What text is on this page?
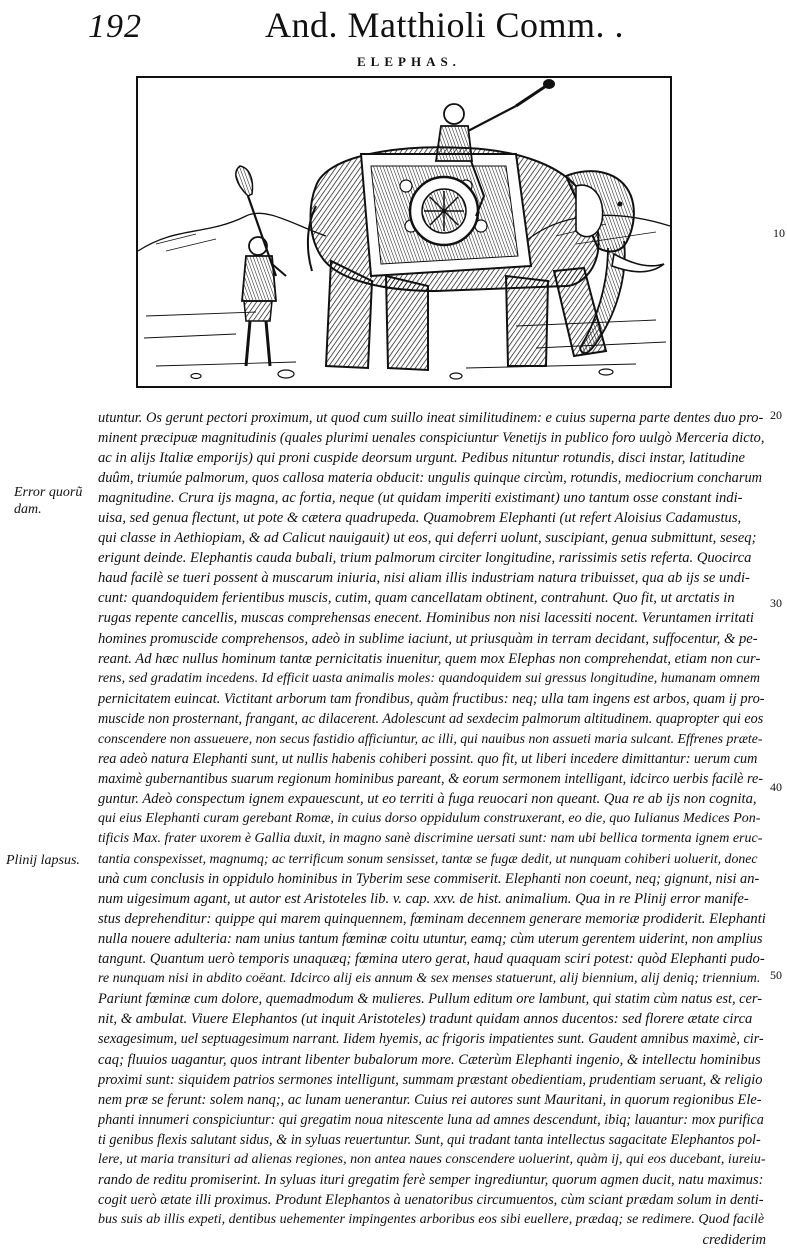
192	And. Matthioli Comm. .
ELEPHAS.
Error quorũ dam.
Plinij lapsus.
10
20
30
40
50
utuntur. Os gerunt pectori proximum, ut quod cum suillo ineat similitudinem: e cuius superna parte dentes duo pro-
minent præcipuæ magnitudinis (quales plurimi uenales conspiciuntur Venetijs in publico foro uulgò Merceria dicto,
ac in alijs Italiæ emporijs) qui proni cuspide deorsum urgunt. Pedibus nituntur rotundis, disci instar, latitudine
duûm, triumúe palmorum, quos callosa materia obducit: ungulis quinque circùm, rotundis, mediocrium concharum
magnitudine. Crura ijs magna, ac fortia, neque (ut quidam imperiti existimant) uno tantum osse constant indi-
uisa, sed genua flectunt, ut pote & cætera quadrupeda. Quamobrem Elephanti (ut refert Aloisius Cadamustus,
qui classe in Aethiopiam, & ad Calicut nauigauit) ut eos, qui deferri uolunt, suscipiant, genua submittunt, seseq;
erigunt deinde. Elephantis cauda bubali, trium palmorum circiter longitudine, rarissimis setis referta. Quocirca
haud facilè se tueri possent à muscarum iniuria, nisi aliam illis industriam natura tribuisset, qua ab ijs se undi-
cunt: quandoquidem ferientibus muscis, cutim, quam cancellatam obtinent, contrahunt. Quo fit, ut arctatis in
rugas repente cancellis, muscas comprehensas enecent. Hominibus non nisi lacessiti nocent. Veruntamen irritati
homines promuscide comprehensos, adeò in sublime iaciunt, ut priusquàm in terram decidant, suffocentur, & pe-
reant. Ad hæc nullus hominum tantæ pernicitatis inuenitur, quem mox Elephas non comprehendat, etiam non cur-
rens, sed gradatim incedens. Id efficit uasta animalis moles: quandoquidem sui gressus longitudine, humanam omnem
pernicitatem euincat. Victitant arborum tam frondibus, quàm fructibus: neq; ulla tam ingens est arbos, quam ij pro-
muscide non prosternant, frangant, ac dilacerent. Adolescunt ad sexdecim palmorum altitudinem. quapropter qui eos
conscendere non assueuere, non secus fastidio afficiuntur, ac illi, qui nauibus non assueti maria sulcant. Effrenes præte-
rea adeò natura Elephanti sunt, ut nullis habenis cohiberi possint. quo fit, ut liberi incedere dimittantur: uerum cum
maximè gubernantibus suarum regionum hominibus pareant, & eorum sermonem intelligant, idcirco uerbis facilè re-
guntur. Adeò conspectum ignem expauescunt, ut eo territi à fuga reuocari non queant. Qua re ab ijs non cognita,
qui eius Elephanti curam gerebant Romæ, in cuius dorso oppidulum construxerant, eo die, quo Iulianus Medices Pon-
tificis Max. frater uxorem è Gallia duxit, in magno sanè discrimine uersati sunt: nam ubi bellica tormenta ignem eruc-
tantia conspexisset, magnumq; ac terrificum sonum sensisset, tantæ se fugæ dedit, ut nunquam cohiberi uoluerit, donec
unà cum conclusis in oppidulo hominibus in Tyberim sese commiserit. Elephanti non coeunt, neq; gignunt, nisi an-
num uigesimum agant, ut autor est Aristoteles lib. v. cap. xxv. de hist. animalium. Qua in re Plinij error manife-
stus deprehenditur: quippe qui marem quinquennem, fœminam decennem generare memoriæ prodiderit. Elephanti
nulla nouere adulteria: nam unius tantum fœminæ coitu utuntur, eamq; cùm uterum gerentem uiderint, non amplius
tangunt. Quantum uerò temporis unaquæq; fœmina utero gerat, haud quaquam sciri potest: quòd Elephanti pudo-
re nunquam nisi in abdito coëant. Idcirco alij eis annum & sex menses statuerunt, alij biennium, alij deniq; triennium.
Pariunt fœminæ cum dolore, quemadmodum & mulieres. Pullum editum ore lambunt, qui statim cùm natus est, cer-
nit, & ambulat. Viuere Elephantos (ut inquit Aristoteles) tradunt quidam annos ducentos: sed florere ætate circa
sexagesimum, uel septuagesimum narrant. Iidem hyemis, ac frigoris impatientes sunt. Gaudent amnibus maximè, cir-
caq; fluuios uagantur, quos intrant libenter bubalorum more. Cæterùm Elephanti ingenio, & intellectu hominibus
proximi sunt: siquidem patrios sermones intelligunt, summam præstant obedientiam, prudentiam seruant, & religio
nem præ se ferunt: solem nanq;, ac lunam uenerantur. Cuius rei autores sunt Mauritani, in quorum regionibus Ele-
phanti innumeri conspiciuntur: qui gregatim noua nitescente luna ad amnes descendunt, ibiq; lauantur: mox purifica
ti genibus flexis salutant sidus, & in syluas reuertuntur. Sunt, qui tradant tanta intellectus sagacitate Elephantos pol-
lere, ut maria transituri ad alienas regiones, non antea naues conscendere uoluerint, quàm ij, qui eos ducebant, iureiu-
rando de reditu promiserint. In syluas ituri gregatim ferè semper ingrediuntur, quorum agmen ducit, natu maximus:
cogit uerò ætate illi proximus. Produnt Elephantos à uenatoribus circumuentos, cùm sciant prædam solum in denti-
bus suis ab illis expeti, dentibus uehementer impingentes arboribus eos sibi euellere, prædaq; se redimere. Quod facilè
crediderim
